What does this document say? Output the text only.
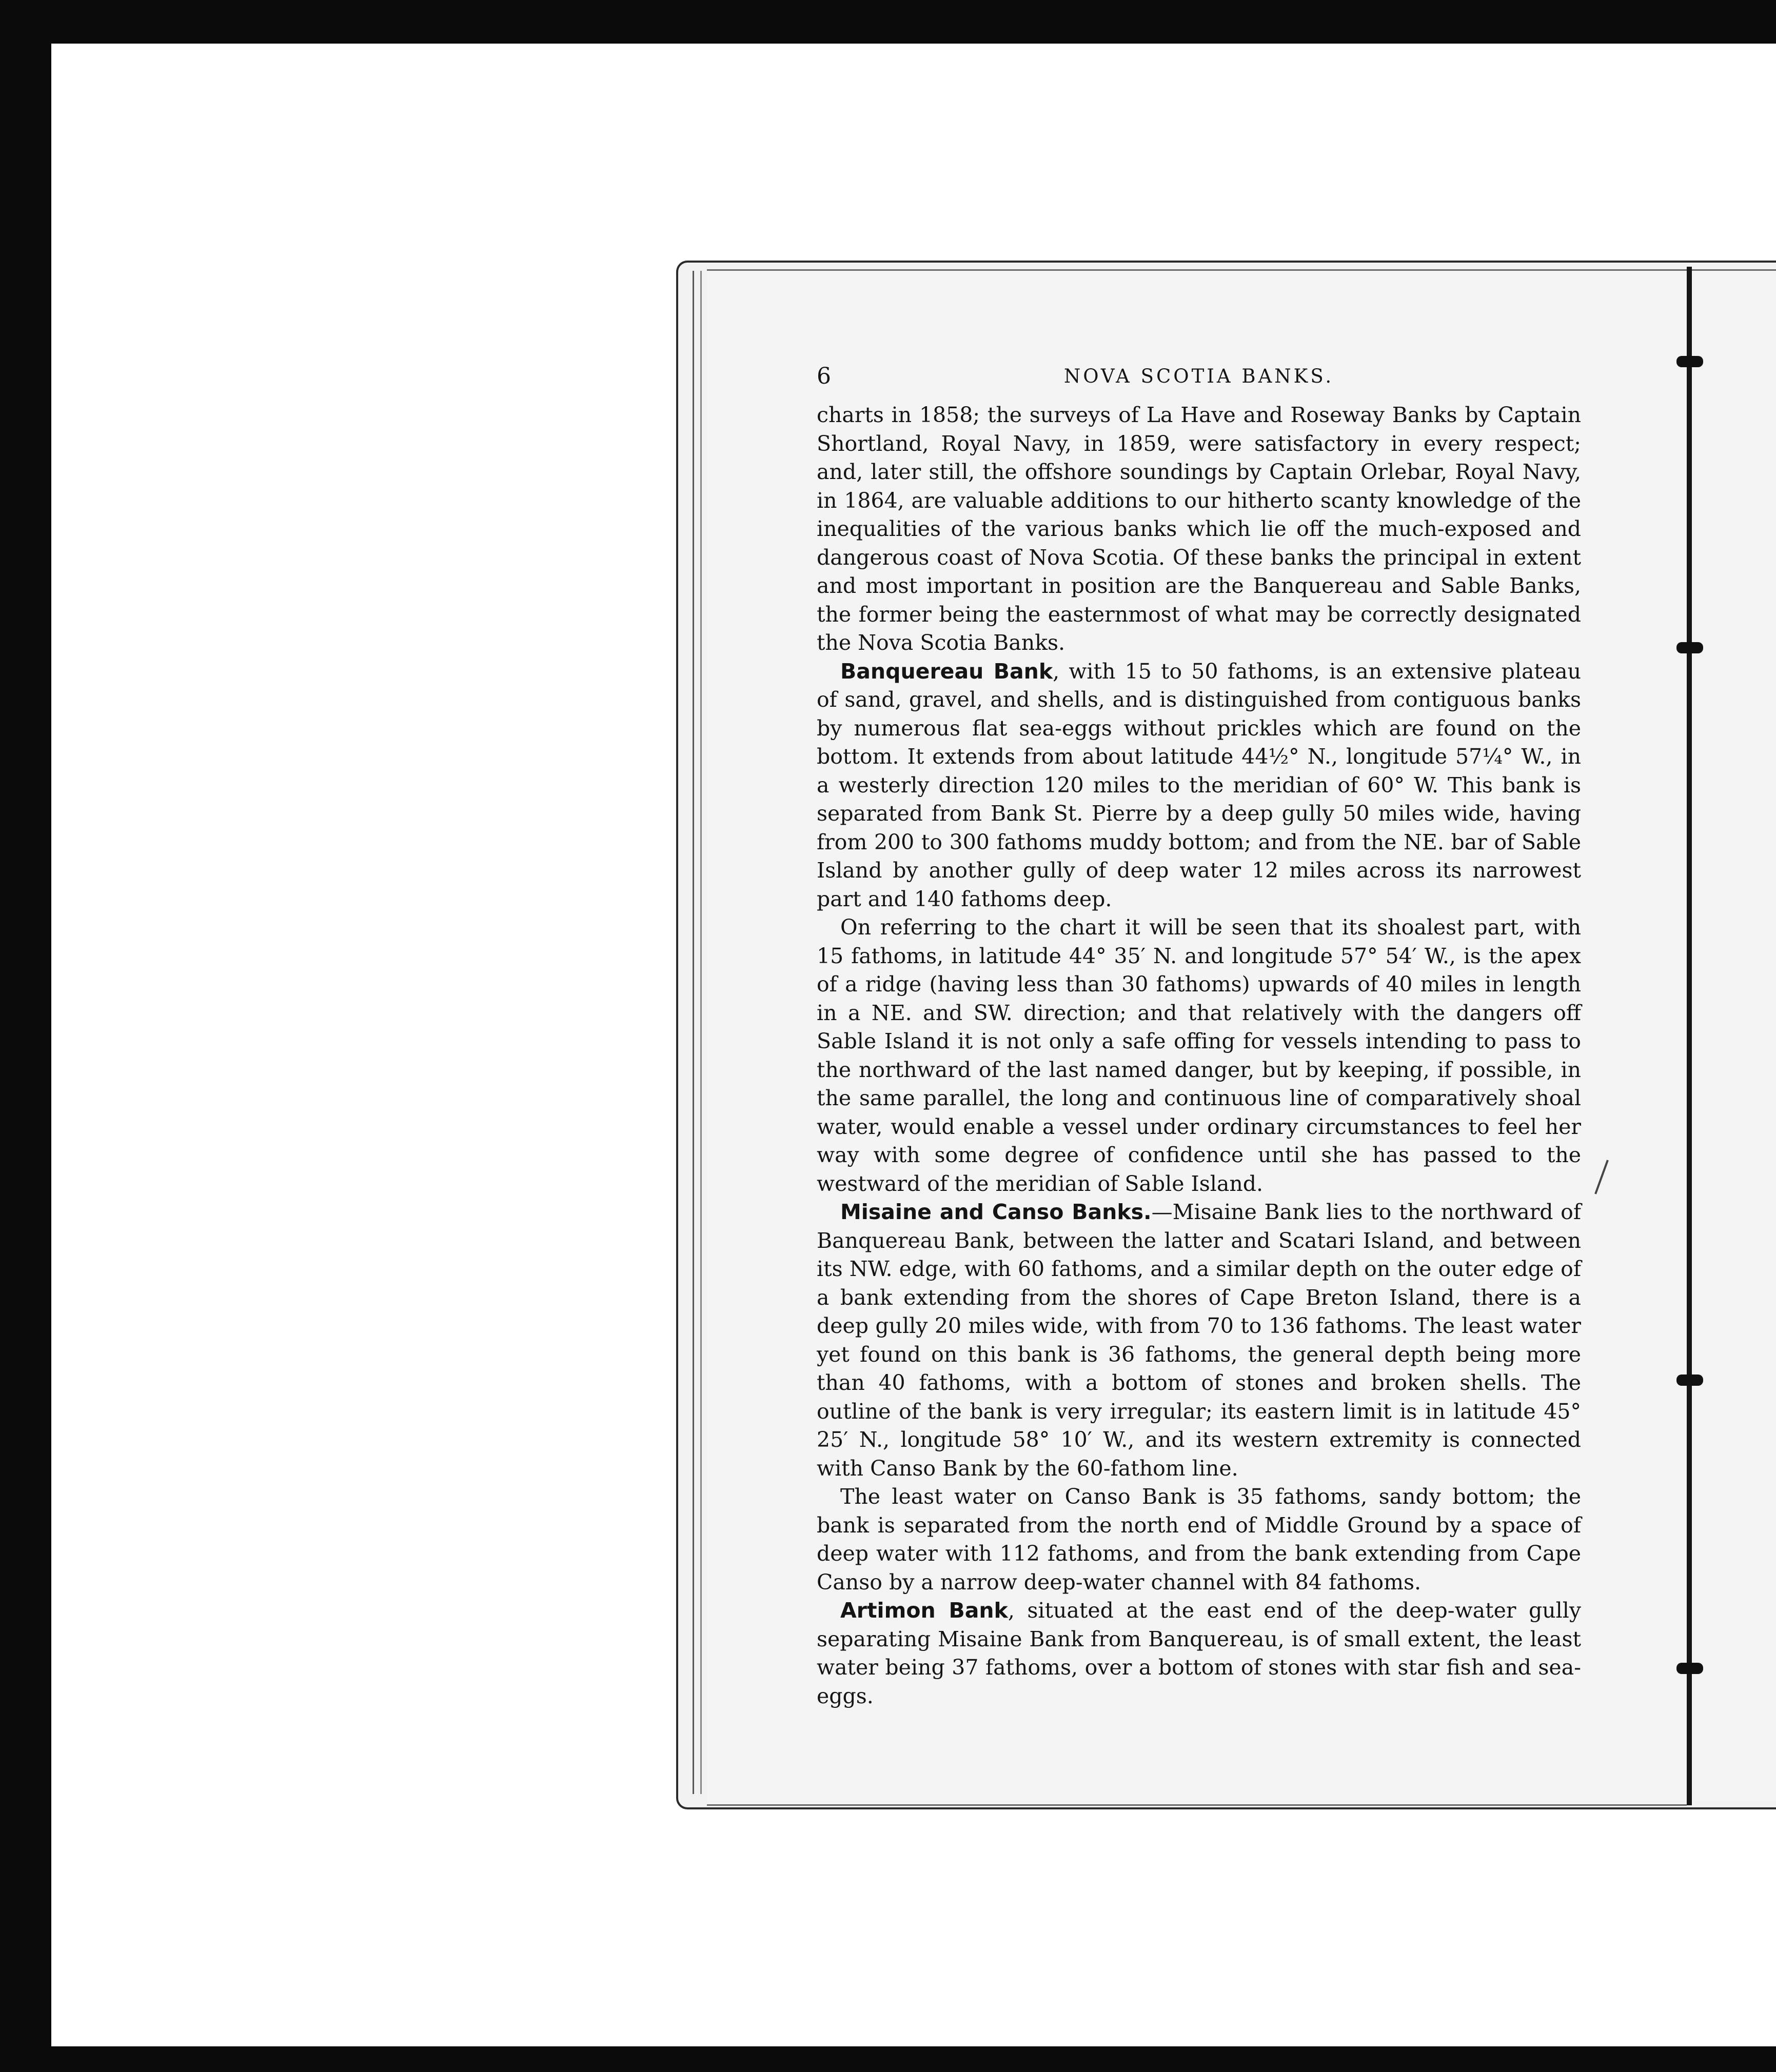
6	NOVA SCOTIA BANKS.

charts in 1858; the surveys of La Have and Roseway Banks by Captain Shortland, Royal Navy, in 1859, were satisfactory in every respect; and, later still, the offshore soundings by Captain Orlebar, Royal Navy, in 1864, are valuable additions to our hitherto scanty knowledge of the inequalities of the various banks which lie off the much-exposed and dangerous coast of Nova Scotia. Of these banks the principal in extent and most important in position are the Banquereau and Sable Banks, the former being the easternmost of what may be correctly designated the Nova Scotia Banks.

Banquereau Bank, with 15 to 50 fathoms, is an extensive plateau of sand, gravel, and shells, and is distinguished from contiguous banks by numerous flat sea-eggs without prickles which are found on the bottom. It extends from about latitude 44½° N., longitude 57¼° W., in a westerly direction 120 miles to the meridian of 60° W. This bank is separated from Bank St. Pierre by a deep gully 50 miles wide, having from 200 to 300 fathoms muddy bottom; and from the NE. bar of Sable Island by another gully of deep water 12 miles across its narrowest part and 140 fathoms deep.

On referring to the chart it will be seen that its shoalest part, with 15 fathoms, in latitude 44° 35′ N. and longitude 57° 54′ W., is the apex of a ridge (having less than 30 fathoms) upwards of 40 miles in length in a NE. and SW. direction; and that relatively with the dangers off Sable Island it is not only a safe offing for vessels intending to pass to the northward of the last named danger, but by keeping, if possible, in the same parallel, the long and continuous line of comparatively shoal water, would enable a vessel under ordinary circumstances to feel her way with some degree of confidence until she has passed to the westward of the meridian of Sable Island.

Misaine and Canso Banks.—Misaine Bank lies to the northward of Banquereau Bank, between the latter and Scatari Island, and between its NW. edge, with 60 fathoms, and a similar depth on the outer edge of a bank extending from the shores of Cape Breton Island, there is a deep gully 20 miles wide, with from 70 to 136 fathoms. The least water yet found on this bank is 36 fathoms, the general depth being more than 40 fathoms, with a bottom of stones and broken shells. The outline of the bank is very irregular; its eastern limit is in latitude 45° 25′ N., longitude 58° 10′ W., and its western extremity is connected with Canso Bank by the 60-fathom line.

The least water on Canso Bank is 35 fathoms, sandy bottom; the bank is separated from the north end of Middle Ground by a space of deep water with 112 fathoms, and from the bank extending from Cape Canso by a narrow deep-water channel with 84 fathoms.

Artimon Bank, situated at the east end of the deep-water gully separating Misaine Bank from Banquereau, is of small extent, the least water being 37 fathoms, over a bottom of stones with star fish and sea-eggs.
